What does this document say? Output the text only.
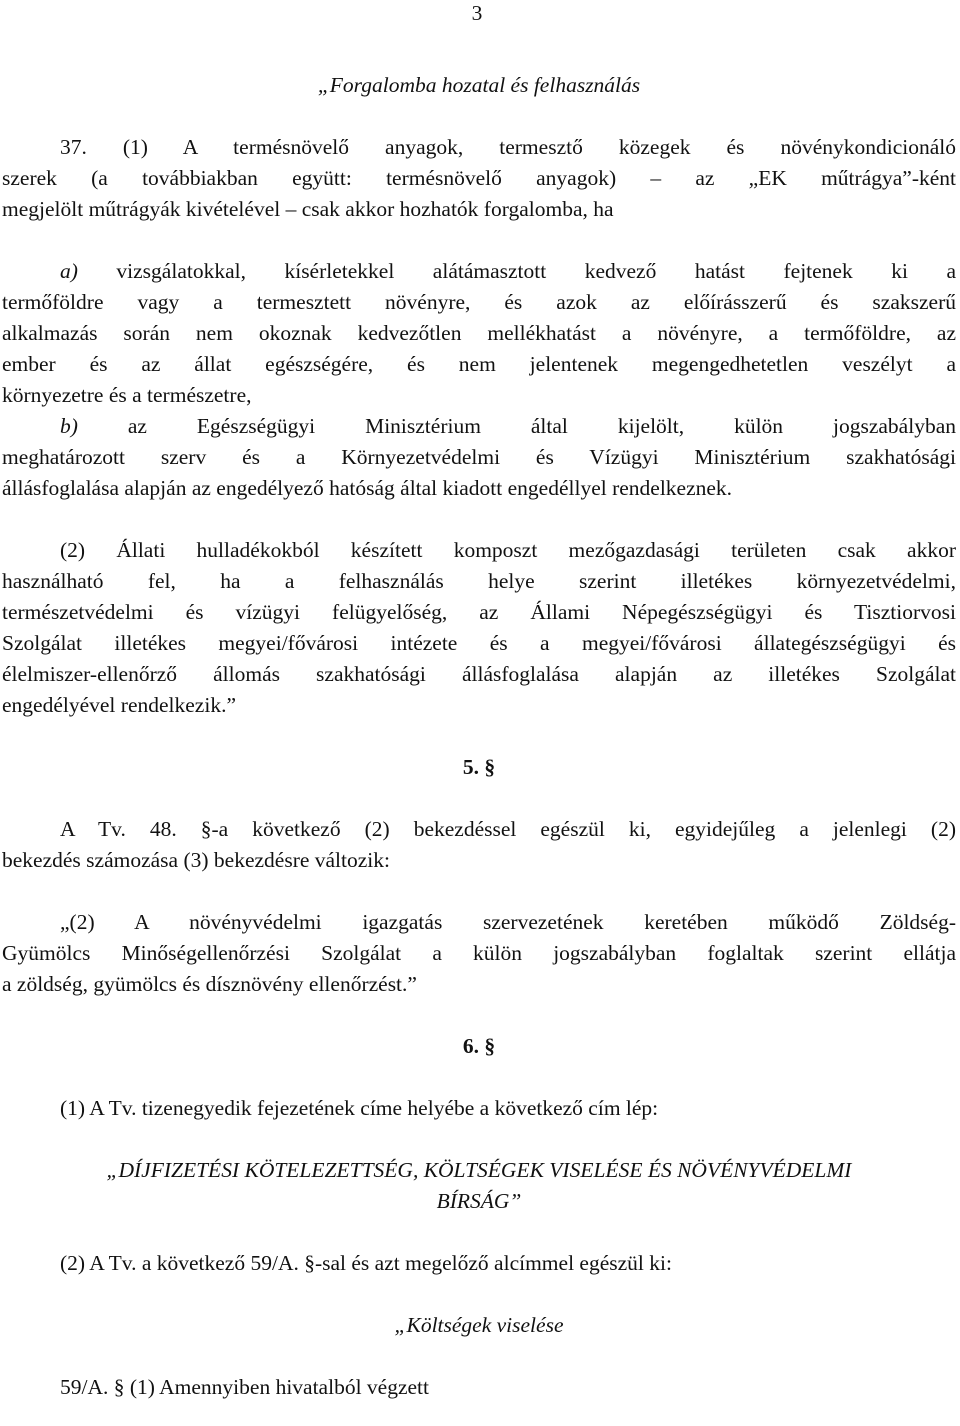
3
„Forgalomba hozatal és felhasználás
37. (1) A termésnövelő anyagok, termesztő közegek és növénykondicionáló
szerek (a továbbiakban együtt: termésnövelő anyagok) – az „EK műtrágya”-ként
megjelölt műtrágyák kivételével – csak akkor hozhatók forgalomba, ha
a) vizsgálatokkal, kísérletekkel alátámasztott kedvező hatást fejtenek ki a
termőföldre vagy a termesztett növényre, és azok az előírásszerű és szakszerű
alkalmazás során nem okoznak kedvezőtlen mellékhatást a növényre, a termőföldre, az
ember és az állat egészségére, és nem jelentenek megengedhetetlen veszélyt a
környezetre és a természetre,
b) az Egészségügyi Minisztérium által kijelölt, külön jogszabályban
meghatározott szerv és a Környezetvédelmi és Vízügyi Minisztérium szakhatósági
állásfoglalása alapján az engedélyező hatóság által kiadott engedéllyel rendelkeznek.
(2) Állati hulladékokból készített komposzt mezőgazdasági területen csak akkor
használható fel, ha a felhasználás helye szerint illetékes környezetvédelmi,
természetvédelmi és vízügyi felügyelőség, az Állami Népegészségügyi és Tisztiorvosi
Szolgálat illetékes megyei/fővárosi intézete és a megyei/fővárosi állategészségügyi és
élelmiszer-ellenőrző állomás szakhatósági állásfoglalása alapján az illetékes Szolgálat
engedélyével rendelkezik.”
5. §
A Tv. 48. §-a következő (2) bekezdéssel egészül ki, egyidejűleg a jelenlegi (2)
bekezdés számozása (3) bekezdésre változik:
„(2) A növényvédelmi igazgatás szervezetének keretében működő Zöldség-
Gyümölcs Minőségellenőrzési Szolgálat a külön jogszabályban foglaltak szerint ellátja
a zöldség, gyümölcs és dísznövény ellenőrzést.”
6. §
(1) A Tv. tizenegyedik fejezetének címe helyébe a következő cím lép:
„DÍJFIZETÉSI KÖTELEZETTSÉG, KÖLTSÉGEK VISELÉSE ÉS NÖVÉNYVÉDELMI
BÍRSÁG”
(2) A Tv. a következő 59/A. §-sal és azt megelőző alcímmel egészül ki:
„Költségek viselése
59/A. § (1) Amennyiben hivatalból végzett
